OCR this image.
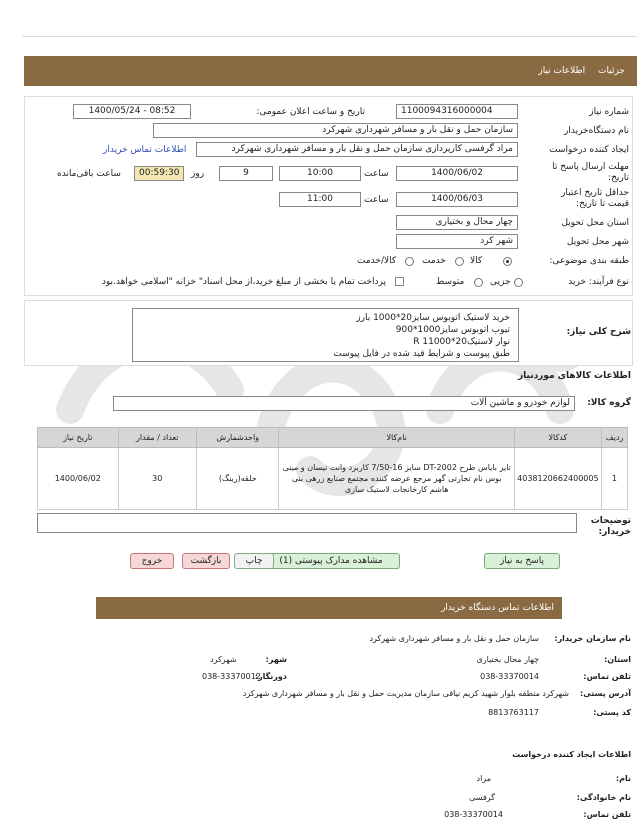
جزئیات اطلاعات نیاز
شماره نیاز
1100094316000004
تاریخ و ساعت اعلان عمومی:
1400/05/24 - 08:52
نام دستگاه‌خریدار
سازمان حمل و نقل بار و مسافر شهرداری شهرکرد
ایجاد کننده درخواست
مراد گرفسی کارپردازی سازمان حمل و نقل بار و مسافر شهرداری شهرکرد
اطلاعات تماس خریدار
مهلت ارسال پاسخ تا تاریخ:
1400/06/02
ساعت
10:00
9
روز
00:59:30
ساعت باقی‌مانده
حداقل تاریخ اعتبار قیمت تا تاریخ:
1400/06/03
ساعت
11:00
استان محل تحویل
چهار محال و بختیاری
شهر محل تحویل
شهر کرد
طبقه بندی موضوعی:
کالا
خدمت
کالا/خدمت
نوع فرآیند: خرید
جزیی
متوسط
پرداخت تمام یا بخشی از مبلغ خرید،از محل اسناد" خزانه "اسلامی خواهد.بود
شرح کلی نیاز:
خرید لاستیک اتوبوس سایز20*1000 بارز
تیوب اتوبوس سایز1000*900
نوار لاستیک20*11000 R
طبق پیوست و شرایط قید شده در فایل پیوست
اطلاعات کالاهای موردنیاز
گروه کالا:
لوازم خودرو و ماشین آلات
ردیف	کدکالا	نام‌کالا	واحدشمارش	تعداد / مقدار	تاریخ نیاز
1	4038120662400005	تایر بایاس طرح DT-2002 سایز 16-7/50 کاربرد وانت نیسان و مینی بوس نام تجارتی گهر مرجع عرضه کننده مجتمع صنایع زرهی بنی هاشم کارخانجات لاستیک سازی	حلقه(رینگ)	30	1400/06/02
توضیحات خریدار:
پاسخ به نیاز
مشاهده مدارک پیوستی (1)
چاپ
بازگشت
خروج
اطلاعات تماس دستگاه خریدار
نام سازمان خریدار:
سازمان حمل و نقل بار و مسافر شهرداری شهرکرد
استان:
چهار محال بختیاری
شهر:
شهرکرد
تلفن تماس:
038-33370014
دورنگار:
038-33370012
آدرس پستی:
شهرکرد منطقه بلوار شهید کریم نیاقی سازمان مدیریت حمل و نقل بار و مسافر شهرداری شهرکرد
کد پستی:
8813763117
اطلاعات ایجاد کننده درخواست
نام:
مراد
نام خانوادگی:
گرفسی
تلفن تماس:
038-33370014
